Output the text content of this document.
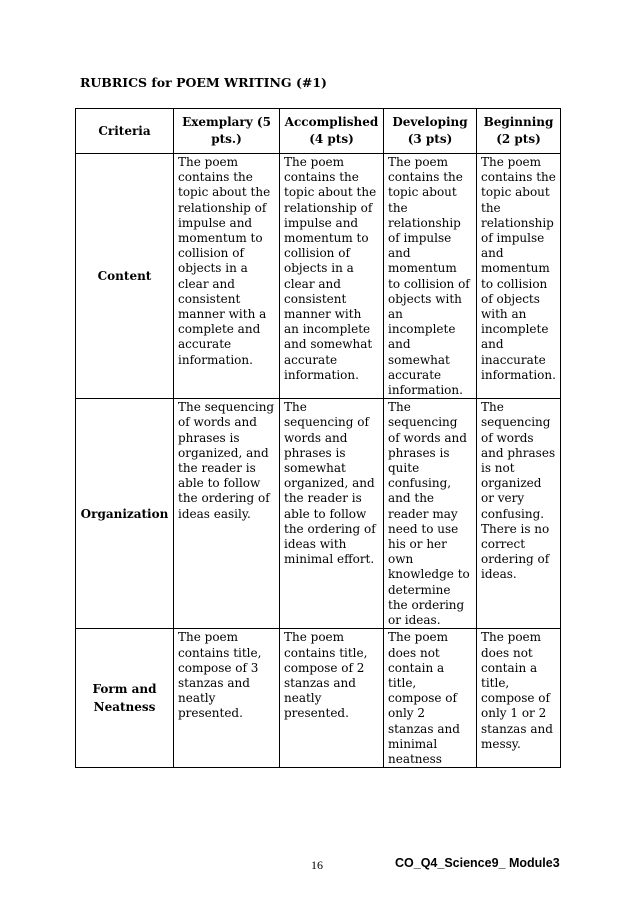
RUBRICS for POEM WRITING (#1)
Criteria	Exemplary (5 pts.)	Accomplished (4 pts)	Developing (3 pts)	Beginning (2 pts)

Content	The poem contains the topic about the relationship of impulse and momentum to collision of objects in a clear and consistent manner with a complete and accurate information.	The poem contains the topic about the relationship of impulse and momentum to collision of objects in a clear and consistent manner with an incomplete and somewhat accurate information.	The poem contains the topic about the relationship of impulse and momentum to collision of objects with an incomplete and somewhat accurate information.	The poem contains the topic about the relationship of impulse and momentum to collision of objects with an incomplete and inaccurate information.

Organization	The sequencing of words and phrases is organized, and the reader is able to follow the ordering of ideas easily.	The sequencing of words and phrases is somewhat organized, and the reader is able to follow the ordering of ideas with minimal effort.	The sequencing of words and phrases is quite confusing, and the reader may need to use his or her own knowledge to determine the ordering or ideas.	The sequencing of words and phrases is not organized or very confusing. There is no correct ordering of ideas.

Form and Neatness	The poem contains title, compose of 3 stanzas and neatly presented.	The poem contains title, compose of 2 stanzas and neatly presented.	The poem does not contain a title, compose of only 2 stanzas and minimal neatness	The poem does not contain a title, compose of only 1 or 2 stanzas and messy.
16	CO_Q4_Science9_ Module3
